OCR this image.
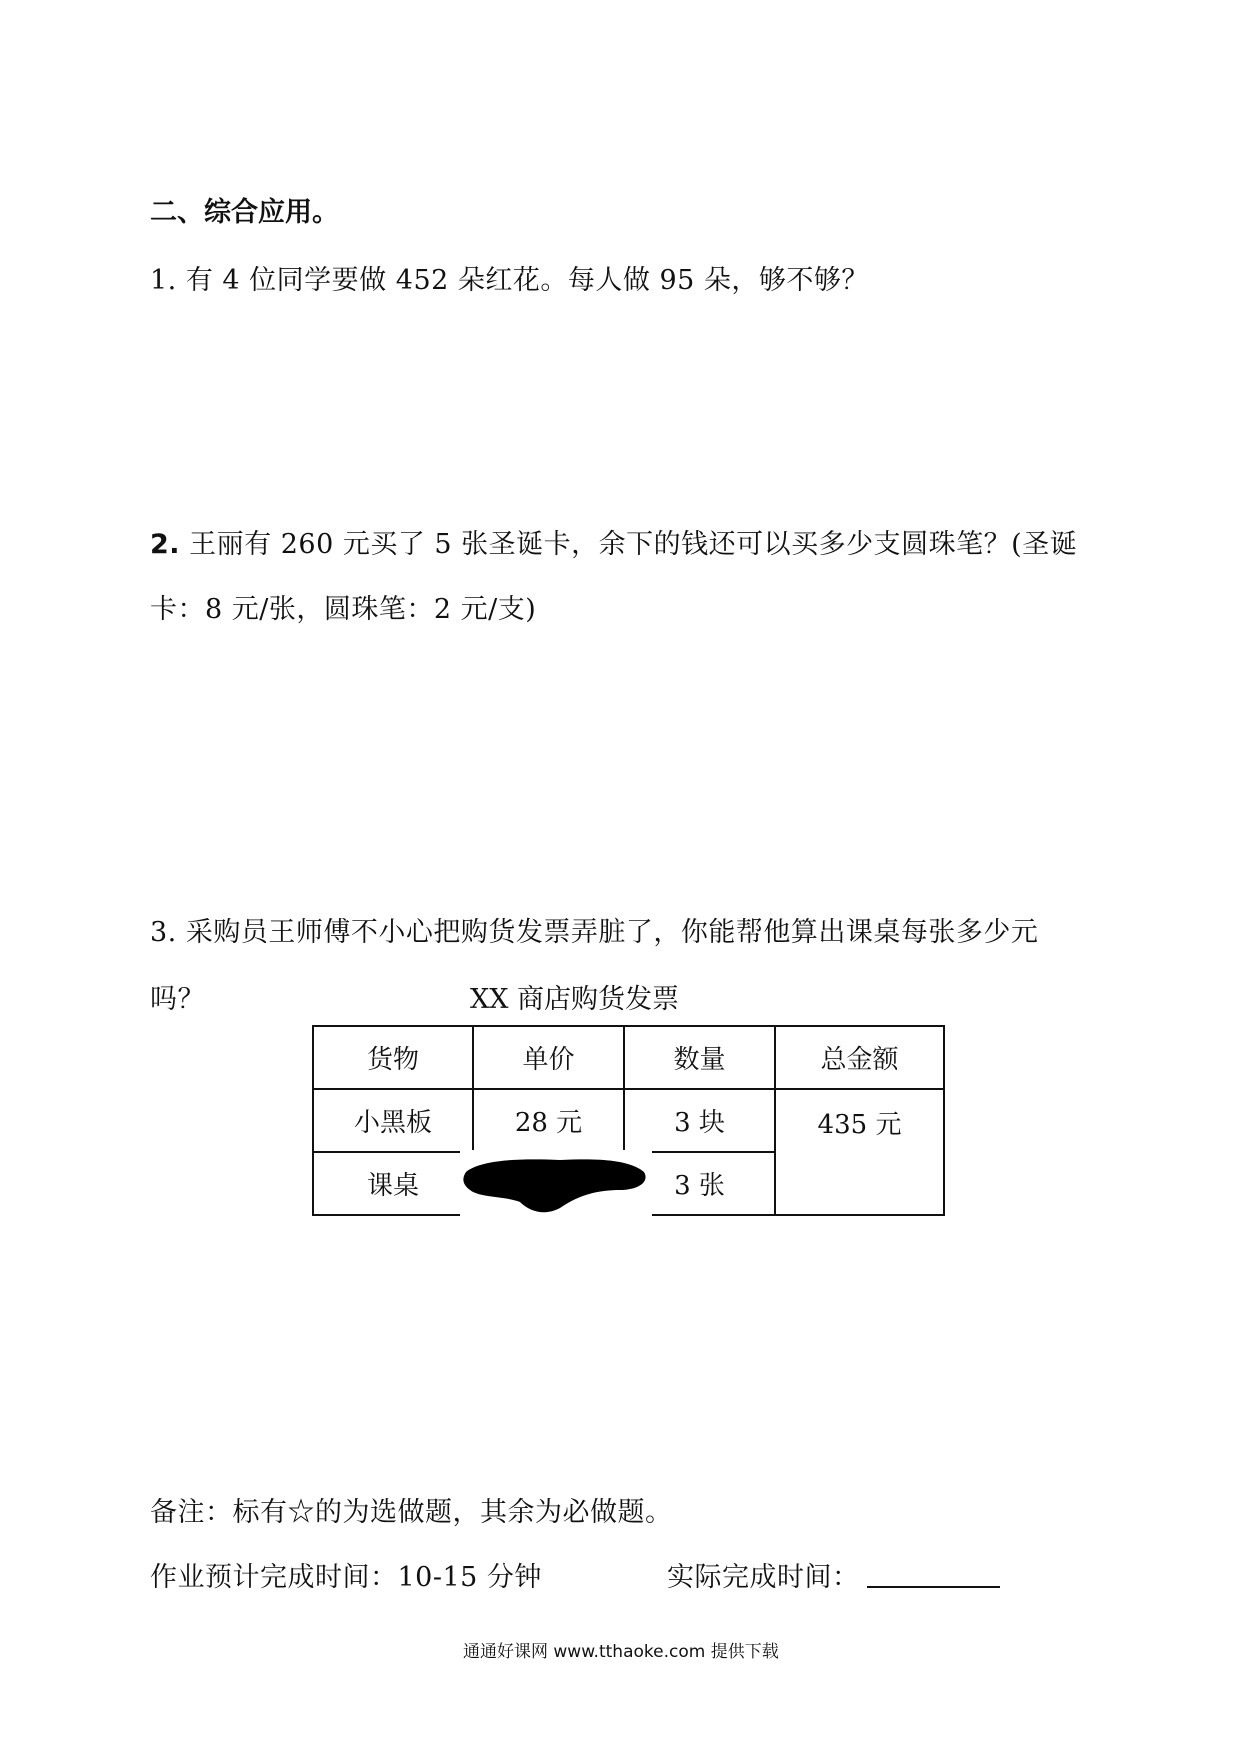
二、综合应用。
1. 有 4 位同学要做 452 朵红花。每人做 95 朵，够不够？
2. 王丽有 260 元买了 5 张圣诞卡，余下的钱还可以买多少支圆珠笔？(圣诞
卡：8 元/张，圆珠笔：2 元/支)
3. 采购员王师傅不小心把购货发票弄脏了，你能帮他算出课桌每张多少元
吗？	XX 商店购货发票
货物	单价	数量	总金额
小黑板	28 元	3 块	435 元
课桌		3 张	
备注：标有☆的为选做题，其余为必做题。
作业预计完成时间：10-15 分钟	实际完成时间：
通通好课网 www.tthaoke.com 提供下载
